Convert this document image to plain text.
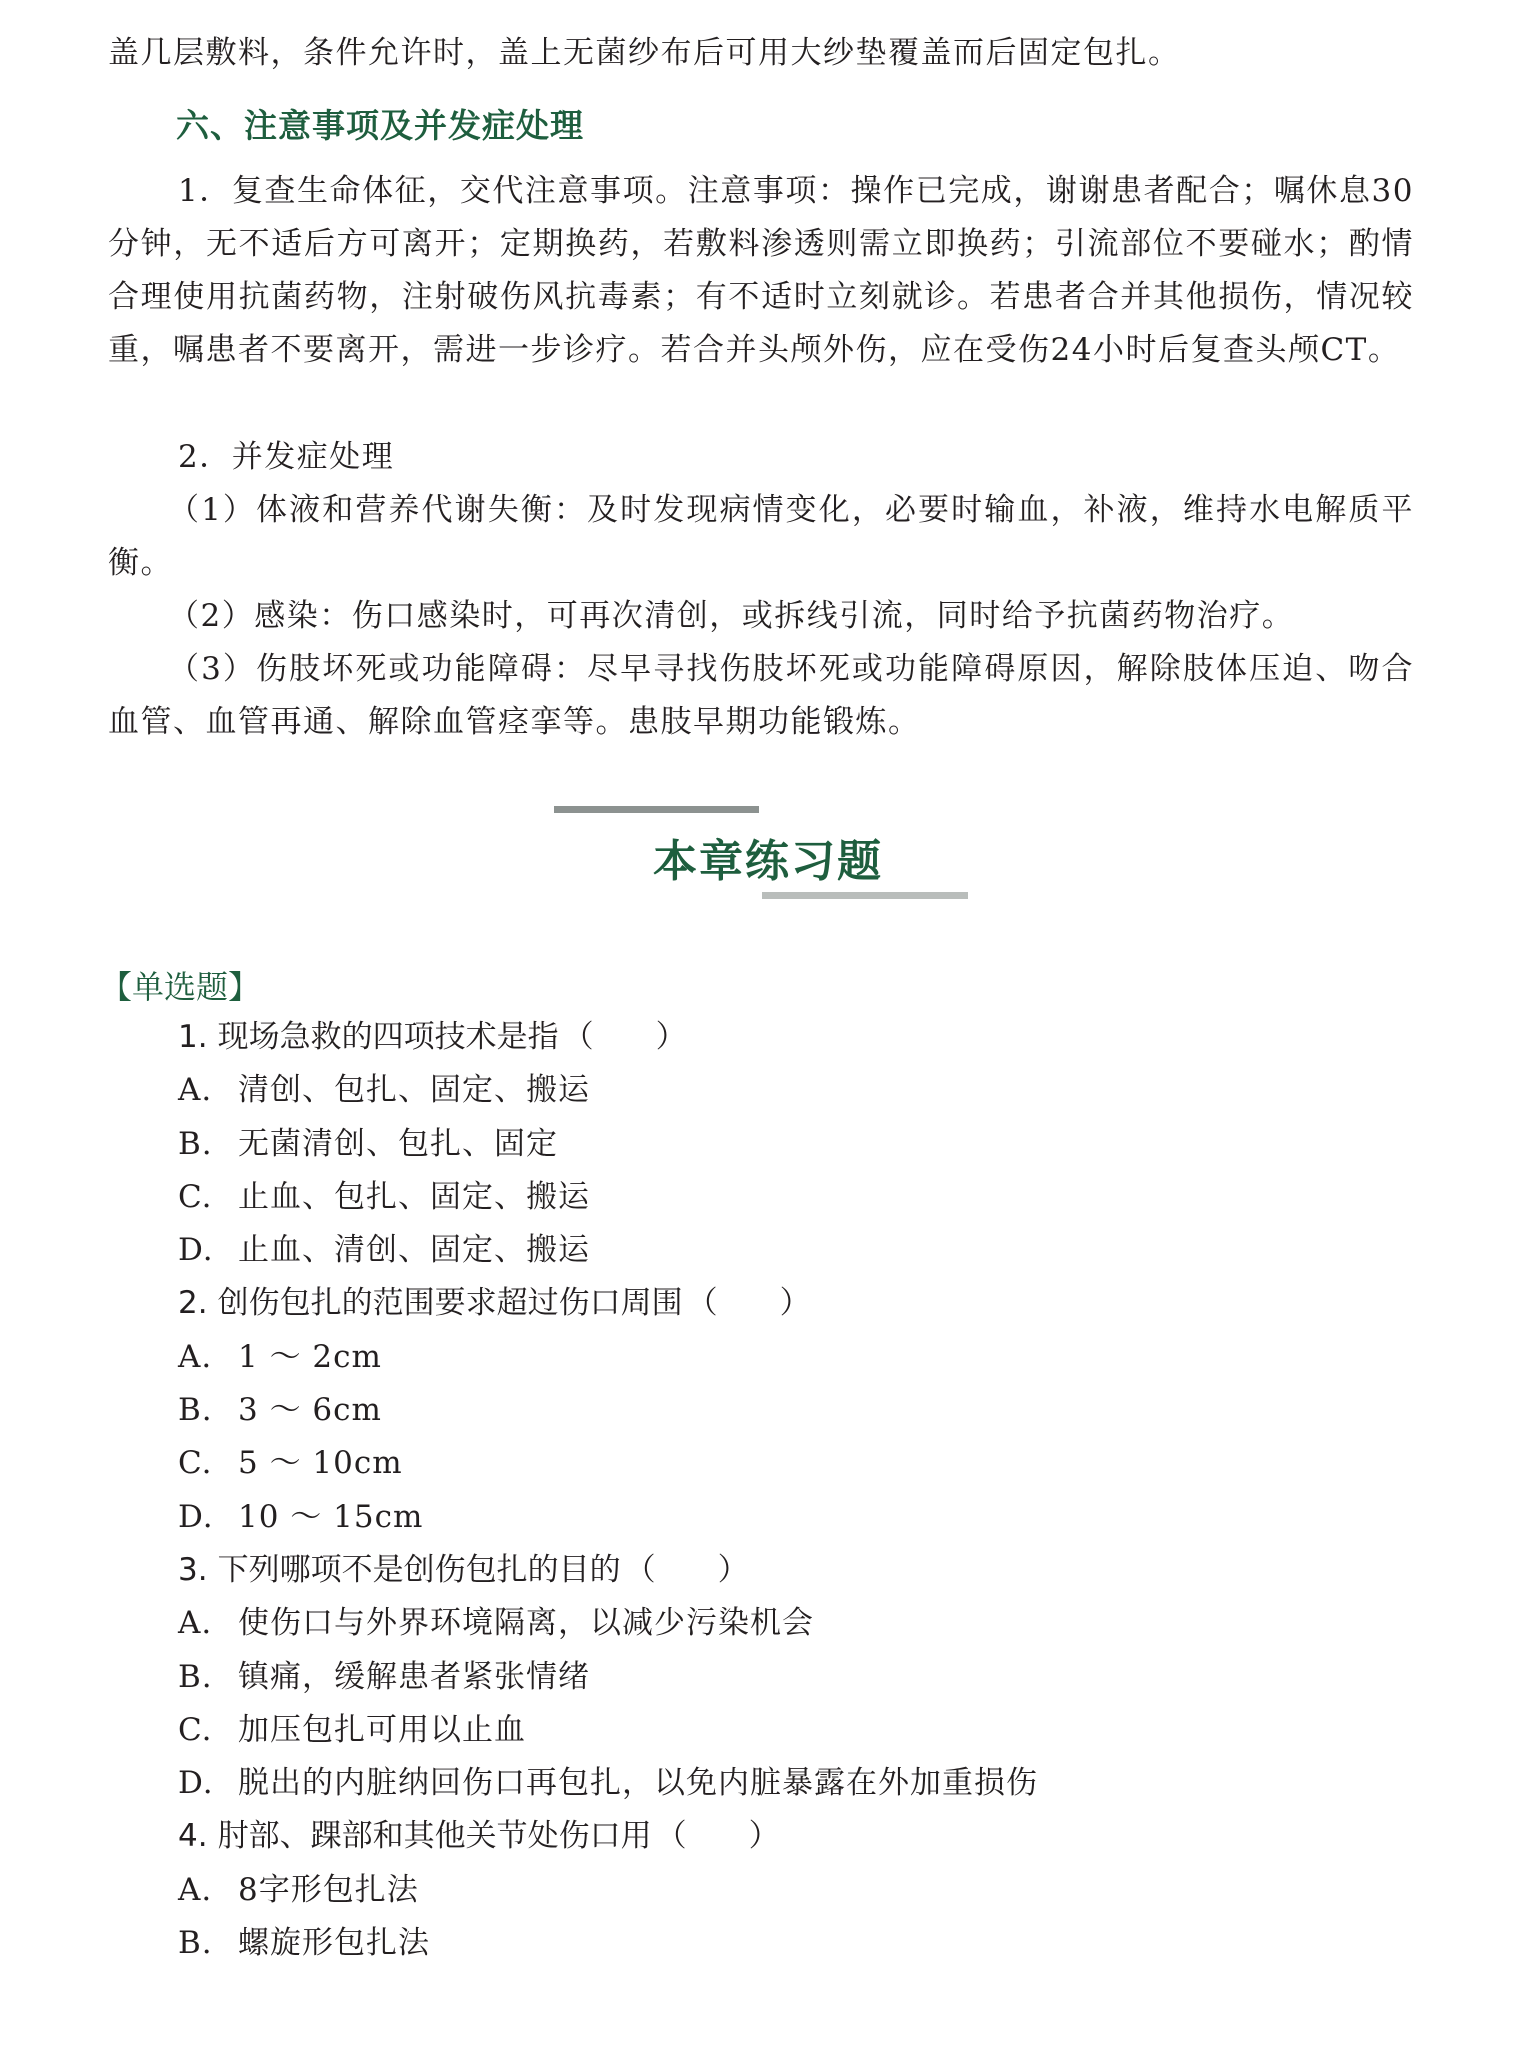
盖几层敷料，条件允许时，盖上无菌纱布后可用大纱垫覆盖而后固定包扎。

六、注意事项及并发症处理

1．复查生命体征，交代注意事项。注意事项：操作已完成，谢谢患者配合；嘱休息30分钟，无不适后方可离开；定期换药，若敷料渗透则需立即换药；引流部位不要碰水；酌情合理使用抗菌药物，注射破伤风抗毒素；有不适时立刻就诊。若患者合并其他损伤，情况较重，嘱患者不要离开，需进一步诊疗。若合并头颅外伤，应在受伤24小时后复查头颅CT。

2．并发症处理

（1）体液和营养代谢失衡：及时发现病情变化，必要时输血，补液，维持水电解质平衡。

（2）感染：伤口感染时，可再次清创，或拆线引流，同时给予抗菌药物治疗。

（3）伤肢坏死或功能障碍：尽早寻找伤肢坏死或功能障碍原因，解除肢体压迫、吻合血管、血管再通、解除血管痉挛等。患肢早期功能锻炼。

本章练习题
【单选题】

1. 现场急救的四项技术是指 （　　）

A. 清创、包扎、固定、搬运

B. 无菌清创、包扎、固定

C. 止血、包扎、固定、搬运

D. 止血、清创、固定、搬运

2. 创伤包扎的范围要求超过伤口周围 （　　）

A. 1 ～ 2cm

B. 3 ～ 6cm

C. 5 ～ 10cm

D. 10 ～ 15cm

3. 下列哪项不是创伤包扎的目的 （　　）

A. 使伤口与外界环境隔离，以减少污染机会

B. 镇痛，缓解患者紧张情绪

C. 加压包扎可用以止血

D. 脱出的内脏纳回伤口再包扎，以免内脏暴露在外加重损伤

4. 肘部、踝部和其他关节处伤口用 （　　）

A. 8字形包扎法

B. 螺旋形包扎法
